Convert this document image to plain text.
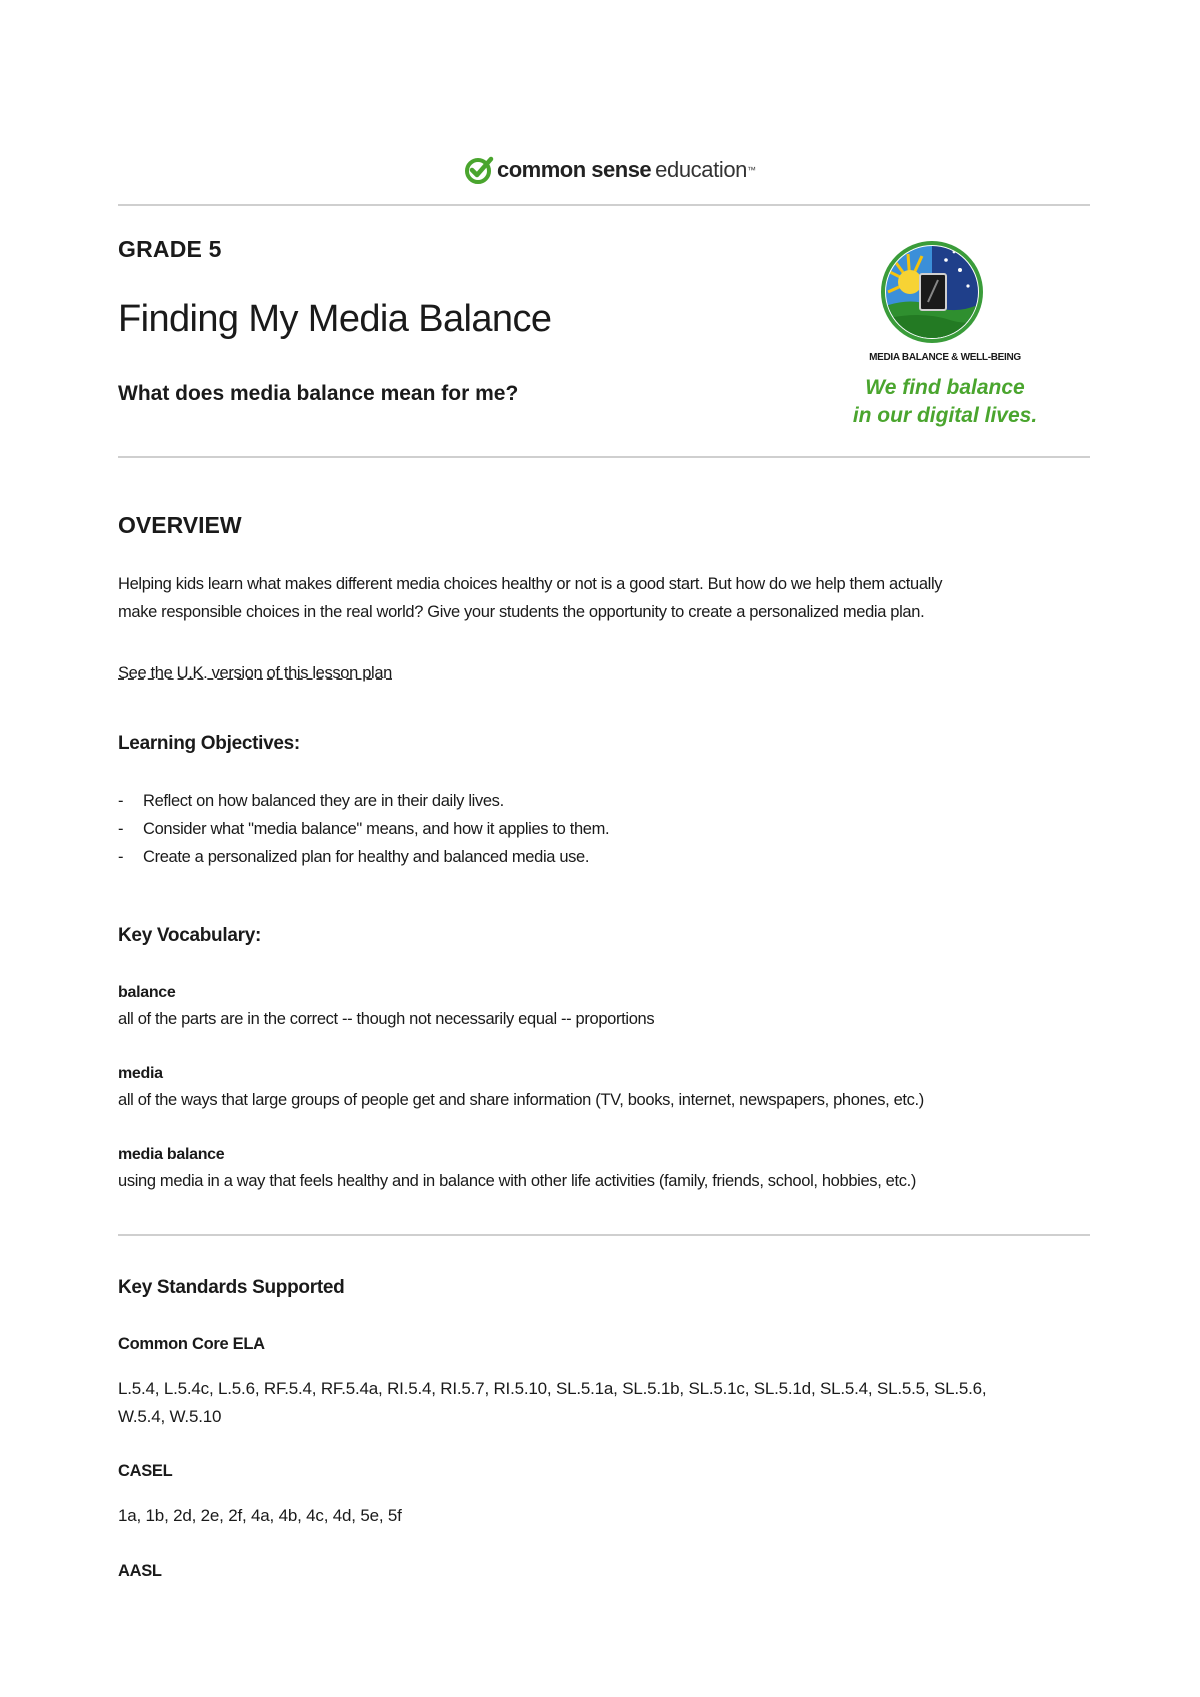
common sense education ™
GRADE 5
Finding My Media Balance
What does media balance mean for me?
MEDIA BALANCE & WELL-BEING
We find balance
in our digital lives.
OVERVIEW
Helping kids learn what makes different media choices healthy or not is a good start. But how do we help them actually
make responsible choices in the real world? Give your students the opportunity to create a personalized media plan.
See the U.K. version of this lesson plan
Learning Objectives:
- Reflect on how balanced they are in their daily lives.
- Consider what "media balance" means, and how it applies to them.
- Create a personalized plan for healthy and balanced media use.
Key Vocabulary:
balance
all of the parts are in the correct -- though not necessarily equal -- proportions
media
all of the ways that large groups of people get and share information (TV, books, internet, newspapers, phones, etc.)
media balance
using media in a way that feels healthy and in balance with other life activities (family, friends, school, hobbies, etc.)
Key Standards Supported
Common Core ELA
L.5.4, L.5.4c, L.5.6, RF.5.4, RF.5.4a, RI.5.4, RI.5.7, RI.5.10, SL.5.1a, SL.5.1b, SL.5.1c, SL.5.1d, SL.5.4, SL.5.5, SL.5.6,
W.5.4, W.5.10
CASEL
1a, 1b, 2d, 2e, 2f, 4a, 4b, 4c, 4d, 5e, 5f
AASL
